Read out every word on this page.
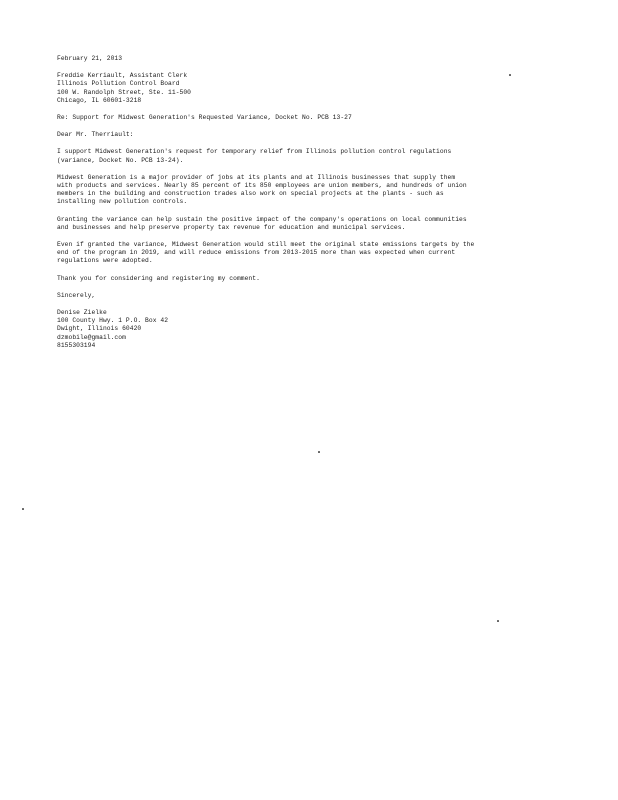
February 21, 2013

Freddie Kerriault, Assistant Clerk
Illinois Pollution Control Board
100 W. Randolph Street, Ste. 11-500
Chicago, IL 60601-3218

Re: Support for Midwest Generation's Requested Variance, Docket No. PCB 13-27

Dear Mr. Therriault:

I support Midwest Generation's request for temporary relief from Illinois pollution control regulations
(variance, Docket No. PCB 13-24).
Midwest Generation is a major provider of jobs at its plants and at Illinois businesses that supply them
with products and services. Nearly 85 percent of its 850 employees are union members, and hundreds of union
members in the building and construction trades also work on special projects at the plants - such as
installing new pollution controls.
Granting the variance can help sustain the positive impact of the company's operations on local communities
and businesses and help preserve property tax revenue for education and municipal services.
Even if granted the variance, Midwest Generation would still meet the original state emissions targets by the
end of the program in 2019, and will reduce emissions from 2013-2015 more than was expected when current
regulations were adopted.
Thank you for considering and registering my comment.

Sincerely,

Denise Zielke
100 County Hwy. 1 P.O. Box 42
Dwight, Illinois 60420
dzmobile@gmail.com
8155303194
